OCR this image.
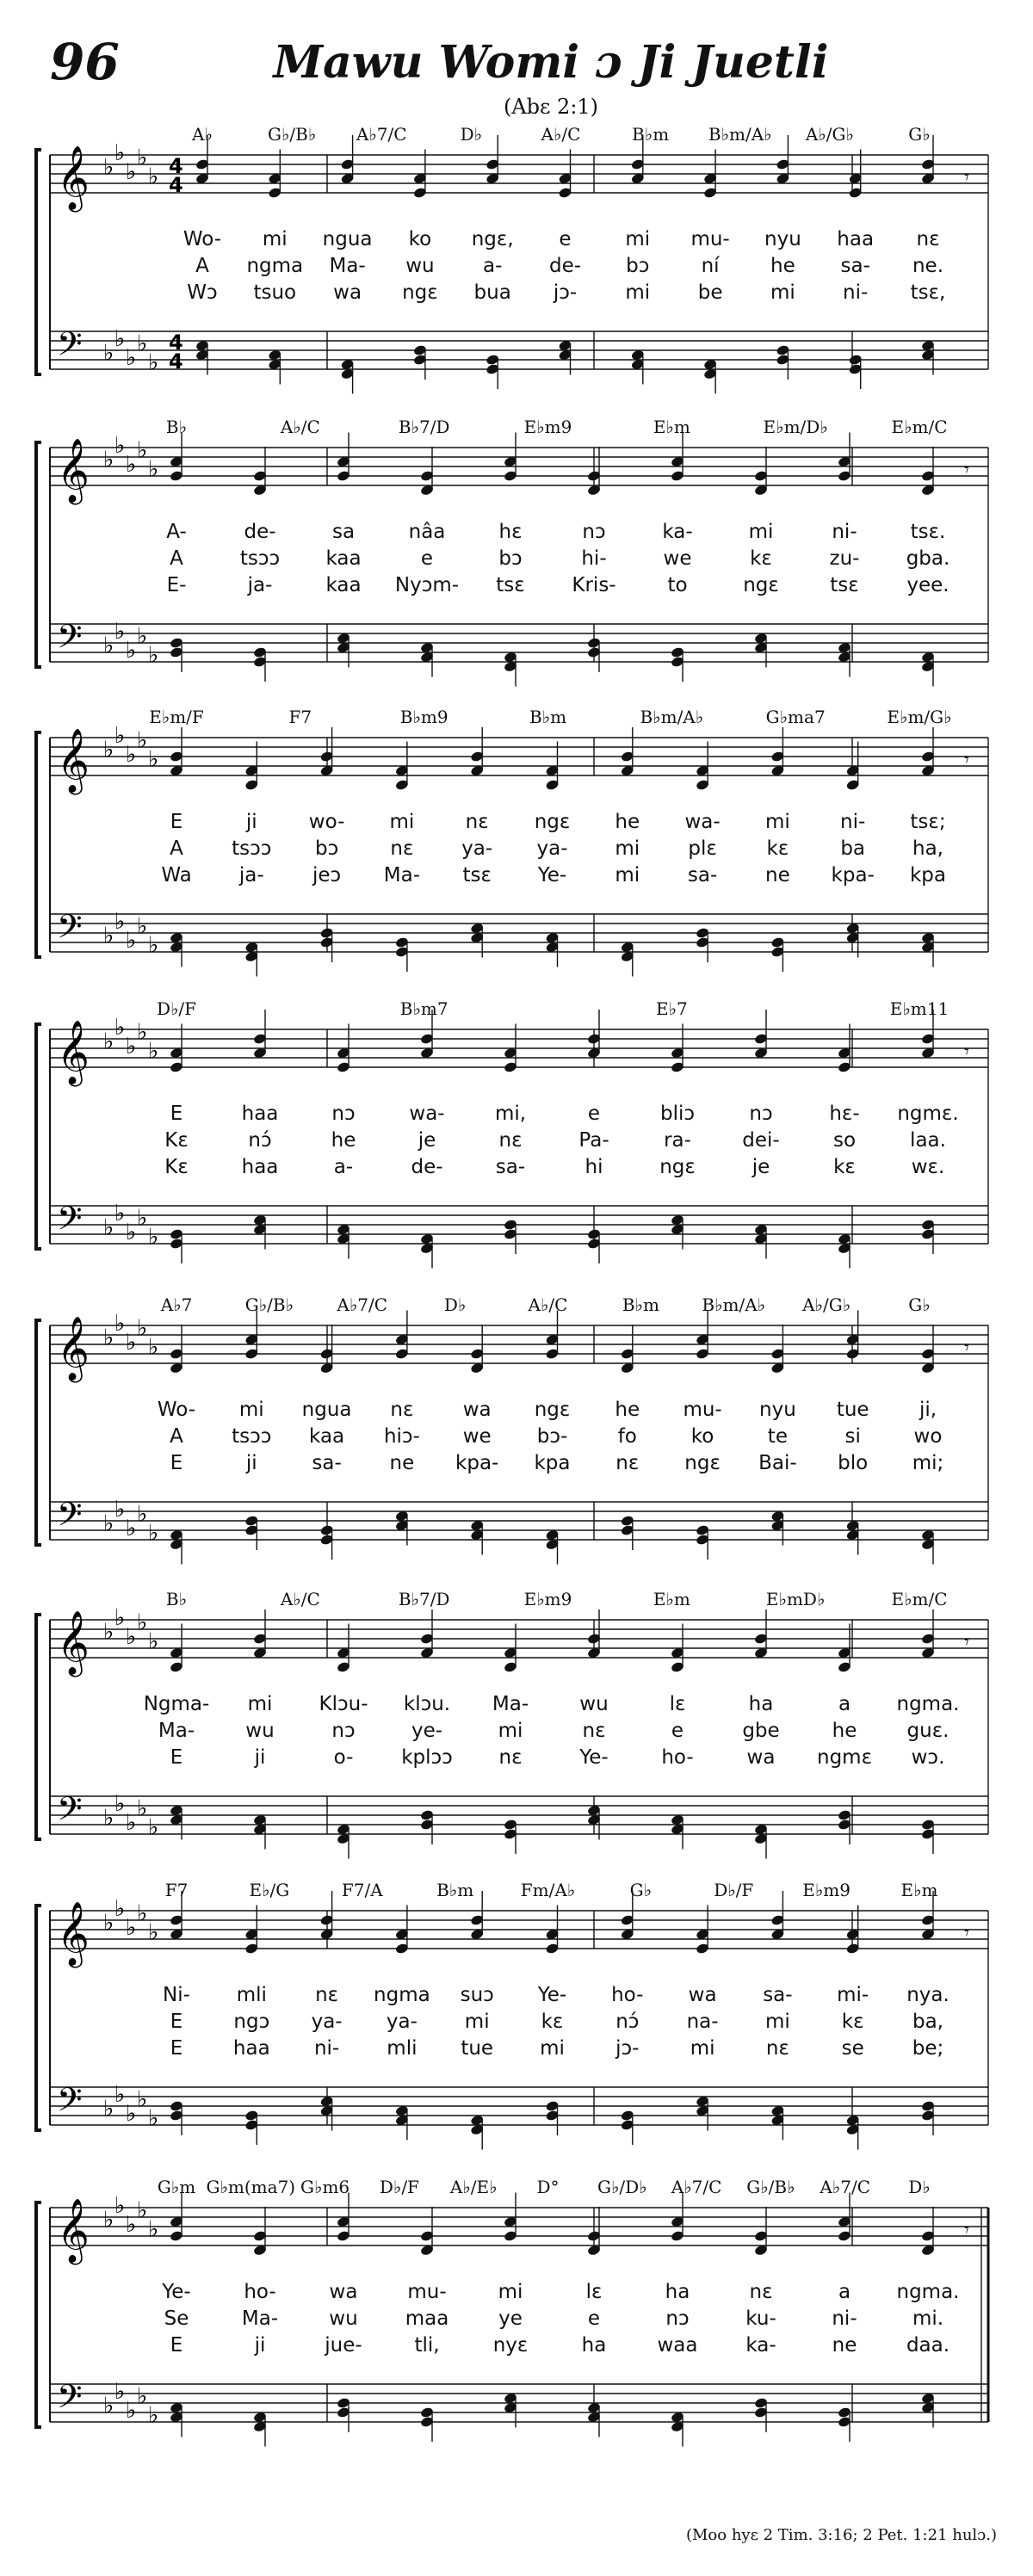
96	Mawu Womi ɔ Ji Juetli
(Abɛ 2:1)
𝄞
𝄢
♭
♭
♭
♭
♭
♭
♭
♭
♭
♭
4
4
4
4
𝄾
A♭	G♭/B♭ A♭7/C	D♭	A♭/C	B♭m B♭m/A♭ A♭/G♭	G♭
Wo- mi ngua ko ngɛ, e	mi mu- nyu haa nɛ
A ngma Ma- wu a- de- bɔ	ní	he sa- ne.
Wɔ tsuo wa ngɛ bua jɔ- mi be mi ni- tsɛ,
𝄞
𝄢
♭
♭
♭
♭
♭
♭
♭
♭
♭
♭
𝄾
B♭	A♭/C	B♭7/D	E♭m9	E♭m	E♭m/D♭	E♭m/C
A-	de-	sa	nâa	hɛ	nɔ	ka-	mi	ni-	tsɛ.
A	tsɔɔ kaa	e	bɔ	hi-	we	kɛ	zu- gba.
E-	ja-	kaa Nyɔm- tsɛ Kris-	to	ngɛ	tsɛ yee.
𝄞
𝄢
♭
♭
♭
♭
♭
♭
♭
♭
♭
♭
𝄾
E♭m/F	F7	B♭m9	B♭m	B♭m/A♭	G♭ma7	E♭m/G♭
E	ji	wo- mi	nɛ ngɛ he wa- mi	ni- tsɛ;
A tsɔɔ bɔ	nɛ ya- ya- mi plɛ	kɛ	ba ha,
Wa ja- jeɔ Ma- tsɛ Ye- mi sa- ne kpa- kpa
𝄞
𝄢
♭
♭
♭
♭
♭
♭
♭
♭
♭
♭
𝄾
D♭/F	B♭m7	E♭7	E♭m11
E	haa	nɔ	wa-	mi,	e	bliɔ	nɔ	hɛ- ngmɛ.
Kɛ	nɔ́	he	je	nɛ	Pa-	ra-	dei-	so	laa.
Kɛ	haa	a-	de-	sa-	hi	ngɛ	je	kɛ	wɛ.
𝄞
𝄢
♭
♭
♭
♭
♭
♭
♭
♭
♭
♭
𝄾
A♭7	G♭/B♭	A♭7/C	D♭	A♭/C	B♭m B♭m/A♭ A♭/G♭	G♭
Wo- mi ngua nɛ wa ngɛ he mu- nyu tue	ji,
A tsɔɔ kaa hiɔ- we bɔ-	fo	ko	te	si	wo
E	ji	sa- ne kpa- kpa nɛ ngɛ Bai- blo mi;
𝄞
𝄢
♭
♭
♭
♭
♭
♭
♭
♭
♭
♭
𝄾
B♭	A♭/C	B♭7/D	E♭m9	E♭m	E♭mD♭	E♭m/C
Ngma- mi Klɔu- klɔu. Ma-	wu	lɛ	ha	a ngma.
Ma-	wu	nɔ	ye-	mi	nɛ	e	gbe	he	guɛ.
E	ji	o- kplɔɔ nɛ	Ye-	ho-	wa ngmɛ wɔ.
𝄞
𝄢
♭
♭
♭
♭
♭
♭
♭
♭
♭
♭
𝄾
F7	E♭/G	F7/A	B♭m	Fm/A♭	G♭	D♭/F	E♭m9	E♭m
Ni- mli nɛ ngma suɔ Ye- ho- wa sa- mi- nya.
E	ngɔ ya- ya- mi	kɛ	nɔ́ na- mi	kɛ ba,
E	haa ni- mli tue mi	jɔ-	mi	nɛ	se be;
𝄞
𝄢
♭
♭
♭
♭
♭
♭
♭
♭
♭
♭
𝄾
G♭m G♭m(ma7) G♭m6 D♭/F A♭/E♭ D° G♭/D♭ A♭7/C G♭/B♭ A♭7/C D♭
Ye-	ho-	wa	mu-	mi	lɛ	ha	nɛ	a ngma.
Se	Ma-	wu maa	ye	e	nɔ	ku-	ni-	mi.
E	ji	jue-	tli,	nyɛ	ha	waa ka-	ne	daa.
(Moo hyɛ 2 Tim. 3:16; 2 Pet. 1:21 hulɔ.)
